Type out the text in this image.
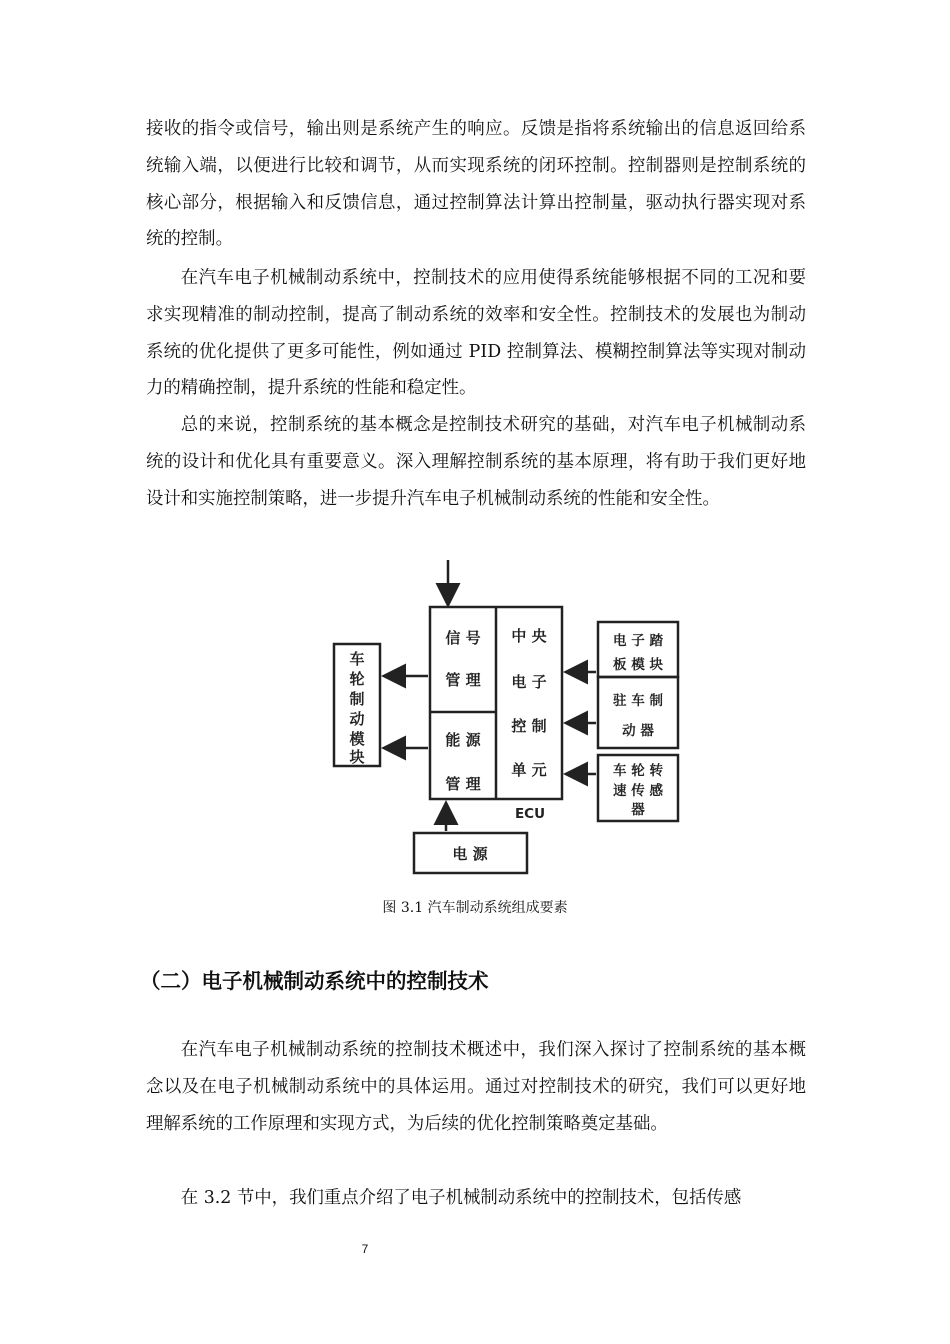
接收的指令或信号，输出则是系统产生的响应。反馈是指将系统输出的信息返回给系统输入端，以便进行比较和调节，从而实现系统的闭环控制。控制器则是控制系统的核心部分，根据输入和反馈信息，通过控制算法计算出控制量，驱动执行器实现对系统的控制。

在汽车电子机械制动系统中，控制技术的应用使得系统能够根据不同的工况和要求实现精准的制动控制，提高了制动系统的效率和安全性。控制技术的发展也为制动系统的优化提供了更多可能性，例如通过 PID 控制算法、模糊控制算法等实现对制动力的精确控制，提升系统的性能和稳定性。

总的来说，控制系统的基本概念是控制技术研究的基础，对汽车电子机械制动系统的设计和优化具有重要意义。深入理解控制系统的基本原理，将有助于我们更好地设计和实施控制策略，进一步提升汽车电子机械制动系统的性能和安全性。

信 号
管 理
能 源
管 理
中 央
电 子
控 制
单 元
ECU
车
轮
制
动
模
块
电 子 踏
板 模 块
驻 车 制
动 器
车 轮 转
速 传 感
器
电 源

图 3.1 汽车制动系统组成要素

（二）电子机械制动系统中的控制技术

在汽车电子机械制动系统的控制技术概述中，我们深入探讨了控制系统的基本概念以及在电子机械制动系统中的具体运用。通过对控制技术的研究，我们可以更好地理解系统的工作原理和实现方式，为后续的优化控制策略奠定基础。

在 3.2 节中，我们重点介绍了电子机械制动系统中的控制技术，包括传感

7
